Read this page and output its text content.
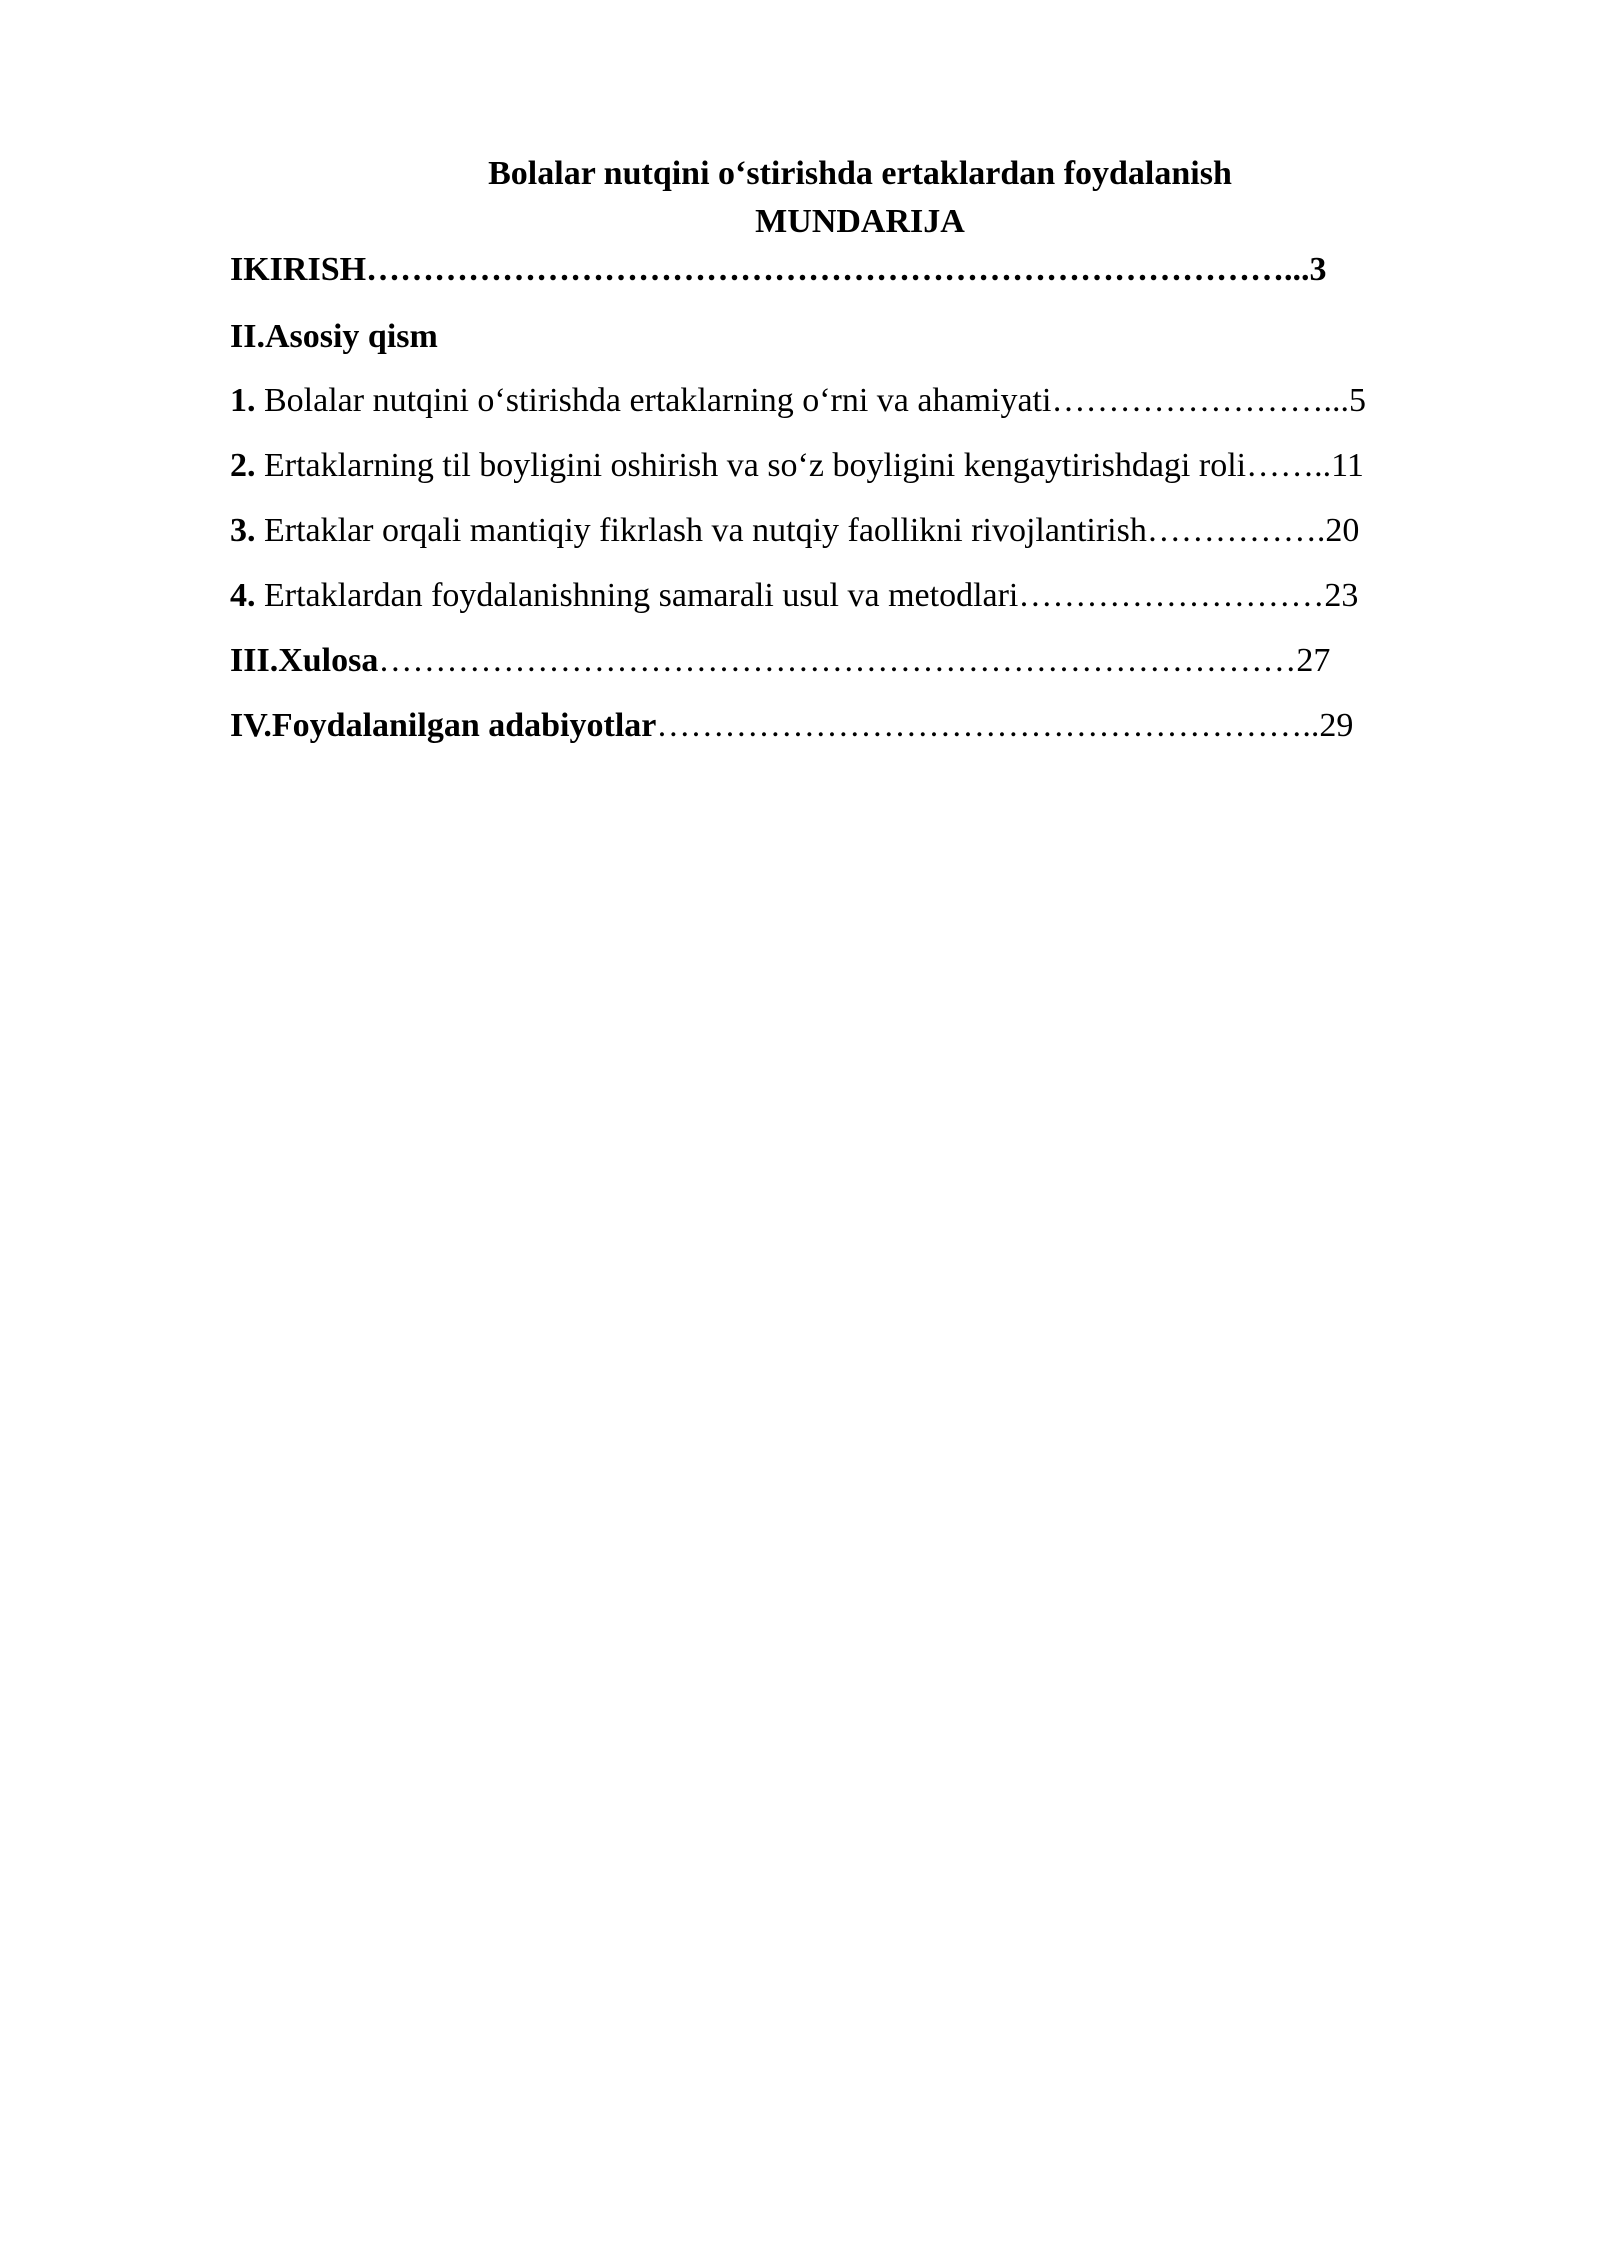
Bolalar nutqini o‘stirishda ertaklardan foydalanish
MUNDARIJA
IKIRISH………………………………………………………………………...3
II.Asosiy qism
1. Bolalar nutqini o‘stirishda ertaklarning o‘rni va ahamiyati……………………...5
2. Ertaklarning til boyligini oshirish va so‘z boyligini kengaytirishdagi roli……..11
3. Ertaklar orqali mantiqiy fikrlash va nutqiy faollikni rivojlantirish…………….20
4. Ertaklardan foydalanishning samarali usul va metodlari………………………23
III.Xulosa………………………………………………………………………27
IV.Foydalanilgan adabiyotlar…………………………………………………..29
